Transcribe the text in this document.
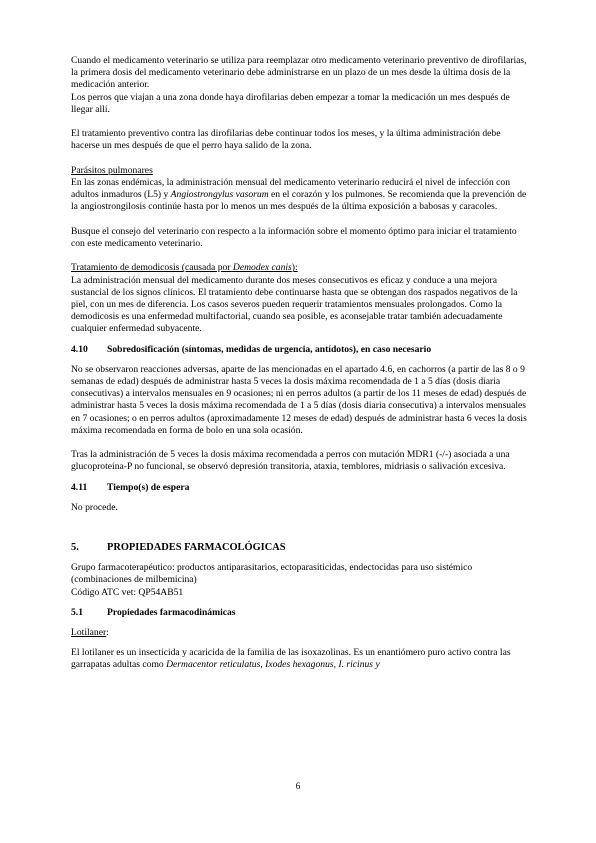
Cuando el medicamento veterinario se utiliza para reemplazar otro medicamento veterinario preventivo de dirofilarias, la primera dosis del medicamento veterinario debe administrarse en un plazo de un mes desde la última dosis de la medicación anterior.

Los perros que viajan a una zona donde haya dirofilarias deben empezar a tomar la medicación un mes después de llegar allí.

El tratamiento preventivo contra las dirofilarias debe continuar todos los meses, y la última administración debe hacerse un mes después de que el perro haya salido de la zona.

Parásitos pulmonares

En las zonas endémicas, la administración mensual del medicamento veterinario reducirá el nivel de infección con adultos inmaduros (L5) y Angiostrongylus vasorum en el corazón y los pulmones. Se recomienda que la prevención de la angiostrongilosis continúe hasta por lo menos un mes después de la última exposición a babosas y caracoles.

Busque el consejo del veterinario con respecto a la información sobre el momento óptimo para iniciar el tratamiento con este medicamento veterinario.

Tratamiento de demodicosis (causada por Demodex canis):

La administración mensual del medicamento durante dos meses consecutivos es eficaz y conduce a una mejora sustancial de los signos clínicos. El tratamiento debe continuarse hasta que se obtengan dos raspados negativos de la piel, con un mes de diferencia. Los casos severos pueden requerir tratamientos mensuales prolongados. Como la demodicosis es una enfermedad multifactorial, cuando sea posible, es aconsejable tratar también adecuadamente cualquier enfermedad subyacente.

4.10	Sobredosificación (síntomas, medidas de urgencia, antídotos), en caso necesario

No se observaron reacciones adversas, aparte de las mencionadas en el apartado 4.6, en cachorros (a partir de las 8 o 9 semanas de edad) después de administrar hasta 5 veces la dosis máxima recomendada de 1 a 5 días (dosis diaria consecutivas) a intervalos mensuales en 9 ocasiones; ni en perros adultos (a partir de los 11 meses de edad) después de administrar hasta 5 veces la dosis máxima recomendada de 1 a 5 días (dosis diaria consecutiva) a intervalos mensuales en 7 ocasiones; o en perros adultos (aproximadamente 12 meses de edad) después de administrar hasta 6 veces la dosis máxima recomendada en forma de bolo en una sola ocasión.

Tras la administración de 5 veces la dosis máxima recomendada a perros con mutación MDR1 (-/-) asociada a una glucoproteína-P no funcional, se observó depresión transitoria, ataxia, temblores, midriasis o salivación excesiva.

4.11	Tiempo(s) de espera

No procede.

5.	PROPIEDADES FARMACOLÓGICAS

Grupo farmacoterapéutico: productos antiparasitarios, ectoparasiticidas, endectocidas para uso sistémico (combinaciones de milbemicina)

Código ATC vet: QP54AB51

5.1	Propiedades farmacodinámicas

Lotilaner:

El lotilaner es un insecticida y acaricida de la familia de las isoxazolinas. Es un enantiómero puro activo contra las garrapatas adultas como Dermacentor reticulatus, Ixodes hexagonus, I. ricinus y

6
